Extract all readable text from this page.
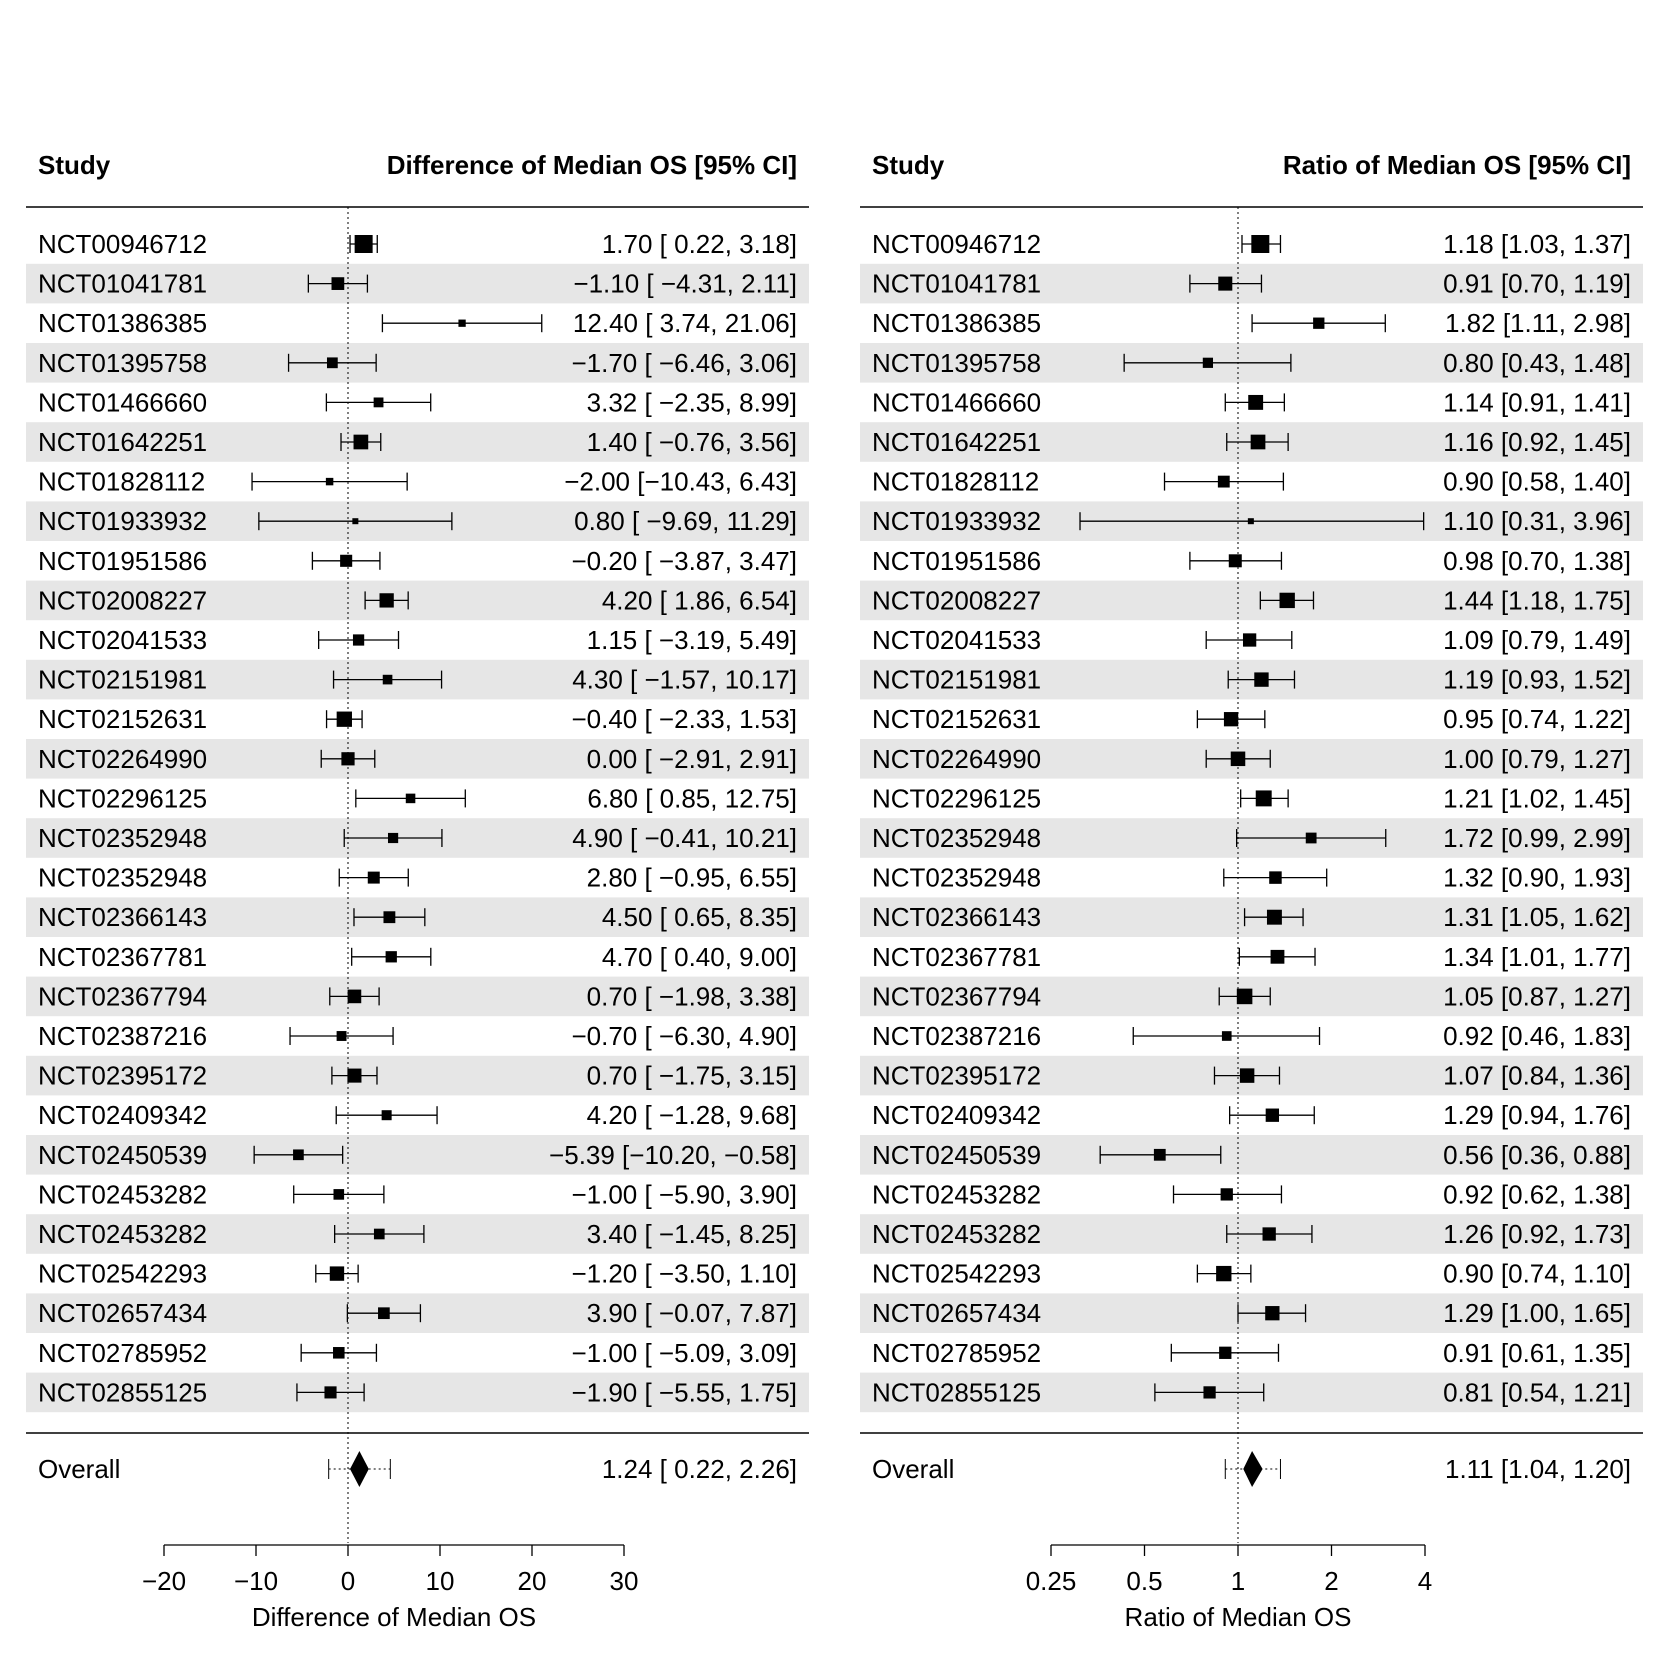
Study	Difference of Median OS [95% CI]
NCT00946712	1.70 [ 0.22, 3.18]
NCT01041781	−1.10 [ −4.31, 2.11]
NCT01386385	12.40 [ 3.74, 21.06]
NCT01395758	−1.70 [ −6.46, 3.06]
NCT01466660	3.32 [ −2.35, 8.99]
NCT01642251	1.40 [ −0.76, 3.56]
NCT01828112	−2.00 [−10.43, 6.43]
NCT01933932	0.80 [ −9.69, 11.29]
NCT01951586	−0.20 [ −3.87, 3.47]
NCT02008227	4.20 [ 1.86, 6.54]
NCT02041533	1.15 [ −3.19, 5.49]
NCT02151981	4.30 [ −1.57, 10.17]
NCT02152631	−0.40 [ −2.33, 1.53]
NCT02264990	0.00 [ −2.91, 2.91]
NCT02296125	6.80 [ 0.85, 12.75]
NCT02352948	4.90 [ −0.41, 10.21]
NCT02352948	2.80 [ −0.95, 6.55]
NCT02366143	4.50 [ 0.65, 8.35]
NCT02367781	4.70 [ 0.40, 9.00]
NCT02367794	0.70 [ −1.98, 3.38]
NCT02387216	−0.70 [ −6.30, 4.90]
NCT02395172	0.70 [ −1.75, 3.15]
NCT02409342	4.20 [ −1.28, 9.68]
NCT02450539	−5.39 [−10.20, −0.58]
NCT02453282	−1.00 [ −5.90, 3.90]
NCT02453282	3.40 [ −1.45, 8.25]
NCT02542293	−1.20 [ −3.50, 1.10]
NCT02657434	3.90 [ −0.07, 7.87]
NCT02785952	−1.00 [ −5.09, 3.09]
NCT02855125	−1.90 [ −5.55, 1.75]
Overall	1.24 [ 0.22, 2.26]
−20 −10 0	10 20 30
Difference of Median OS
Study	Ratio of Median OS [95% CI]
NCT00946712	1.18 [1.03, 1.37]
NCT01041781	0.91 [0.70, 1.19]
NCT01386385	1.82 [1.11, 2.98]
NCT01395758	0.80 [0.43, 1.48]
NCT01466660	1.14 [0.91, 1.41]
NCT01642251	1.16 [0.92, 1.45]
NCT01828112	0.90 [0.58, 1.40]
NCT01933932	1.10 [0.31, 3.96]
NCT01951586	0.98 [0.70, 1.38]
NCT02008227	1.44 [1.18, 1.75]
NCT02041533	1.09 [0.79, 1.49]
NCT02151981	1.19 [0.93, 1.52]
NCT02152631	0.95 [0.74, 1.22]
NCT02264990	1.00 [0.79, 1.27]
NCT02296125	1.21 [1.02, 1.45]
NCT02352948	1.72 [0.99, 2.99]
NCT02352948	1.32 [0.90, 1.93]
NCT02366143	1.31 [1.05, 1.62]
NCT02367781	1.34 [1.01, 1.77]
NCT02367794	1.05 [0.87, 1.27]
NCT02387216	0.92 [0.46, 1.83]
NCT02395172	1.07 [0.84, 1.36]
NCT02409342	1.29 [0.94, 1.76]
NCT02450539	0.56 [0.36, 0.88]
NCT02453282	0.92 [0.62, 1.38]
NCT02453282	1.26 [0.92, 1.73]
NCT02542293	0.90 [0.74, 1.10]
NCT02657434	1.29 [1.00, 1.65]
NCT02785952	0.91 [0.61, 1.35]
NCT02855125	0.81 [0.54, 1.21]
Overall	1.11 [1.04, 1.20]
0.25 0.5	1	2	4
Ratio of Median OS
